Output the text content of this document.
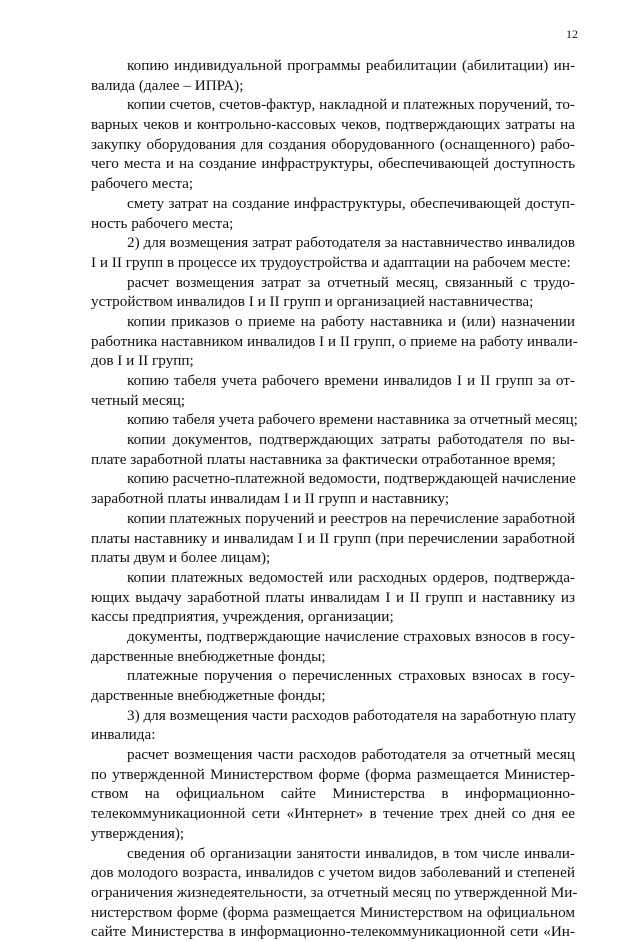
12
копию индивидуальной программы реабилитации (абилитации) ин-
валида (далее – ИПРА);
копии счетов, счетов-фактур, накладной и платежных поручений, то-
варных чеков и контрольно-кассовых чеков, подтверждающих затраты на
закупку оборудования для создания оборудованного (оснащенного) рабо-
чего места и на создание инфраструктуры, обеспечивающей доступность
рабочего места;
смету затрат на создание инфраструктуры, обеспечивающей доступ-
ность рабочего места;
2) для возмещения затрат работодателя за наставничество инвалидов
I и II групп в процессе их трудоустройства и адаптации на рабочем месте:
расчет возмещения затрат за отчетный месяц, связанный с трудо-
устройством инвалидов I и II групп и организацией наставничества;
копии приказов о приеме на работу наставника и (или) назначении
работника наставником инвалидов I и II групп, о приеме на работу инвали-
дов I и II групп;
копию табеля учета рабочего времени инвалидов I и II групп за от-
четный месяц;
копию табеля учета рабочего времени наставника за отчетный месяц;
копии документов, подтверждающих затраты работодателя по вы-
плате заработной платы наставника за фактически отработанное время;
копию расчетно-платежной ведомости, подтверждающей начисление
заработной платы инвалидам I и II групп и наставнику;
копии платежных поручений и реестров на перечисление заработной
платы наставнику и инвалидам I и II групп (при перечислении заработной
платы двум и более лицам);
копии платежных ведомостей или расходных ордеров, подтвержда-
ющих выдачу заработной платы инвалидам I и II групп и наставнику из
кассы предприятия, учреждения, организации;
документы, подтверждающие начисление страховых взносов в госу-
дарственные внебюджетные фонды;
платежные поручения о перечисленных страховых взносах в госу-
дарственные внебюджетные фонды;
3) для возмещения части расходов работодателя на заработную плату
инвалида:
расчет возмещения части расходов работодателя за отчетный месяц
по утвержденной Министерством форме (форма размещается Министер-
ством на официальном сайте Министерства в информационно-
телекоммуникационной сети «Интернет» в течение трех дней со дня ее
утверждения);
сведения об организации занятости инвалидов, в том числе инвали-
дов молодого возраста, инвалидов с учетом видов заболеваний и степеней
ограничения жизнедеятельности, за отчетный месяц по утвержденной Ми-
нистерством форме (форма размещается Министерством на официальном
сайте Министерства в информационно-телекоммуникационной сети «Ин-
